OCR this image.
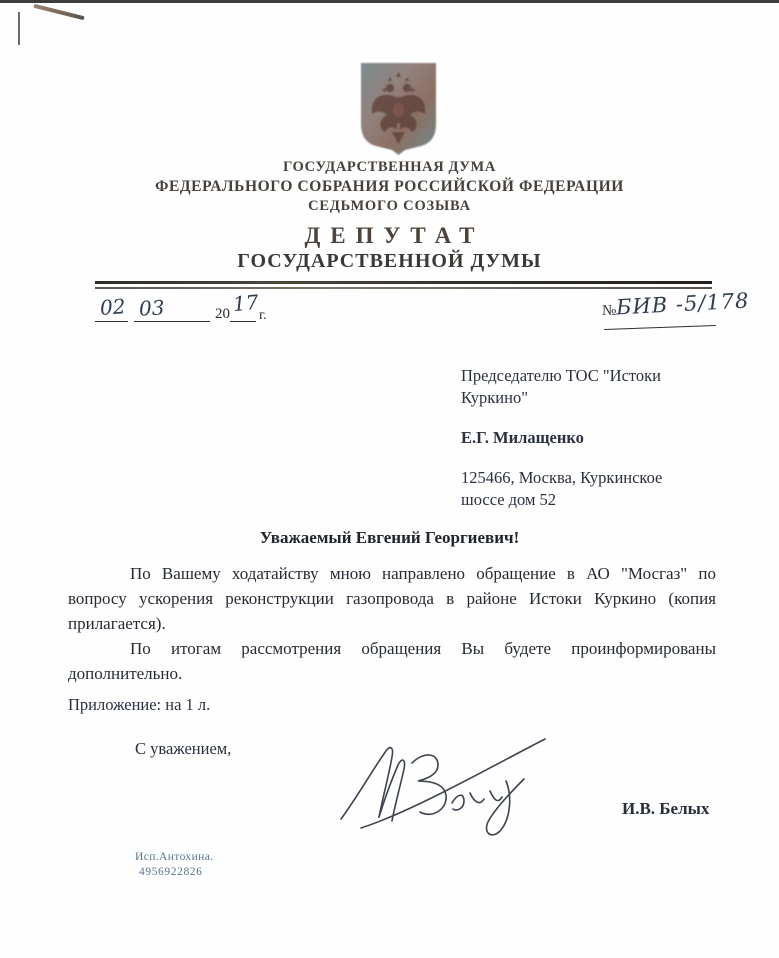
ГОСУДАРСТВЕННАЯ ДУМА
ФЕДЕРАЛЬНОГО СОБРАНИЯ РОССИЙСКОЙ ФЕДЕРАЦИИ
СЕДЬМОГО СОЗЫВА
ДЕПУТАТ
ГОСУДАРСТВЕННОЙ ДУМЫ
02 03	20 17 г.	№ БИВ -5/178
Председателю ТОС "Истоки Куркино"
Е.Г. Милащенко
125466, Москва, Куркинское шоссе дом 52
Уважаемый Евгений Георгиевич!

По Вашему ходатайству мною направлено обращение в АО "Мосгаз" по вопросу ускорения реконструкции газопровода в районе Истоки Куркино (копия прилагается).

По итогам рассмотрения обращения Вы будете проинформированы дополнительно.

Приложение: на 1 л.
С уважением,
И.В. Белых
Исп.Антохина.
4956922826
